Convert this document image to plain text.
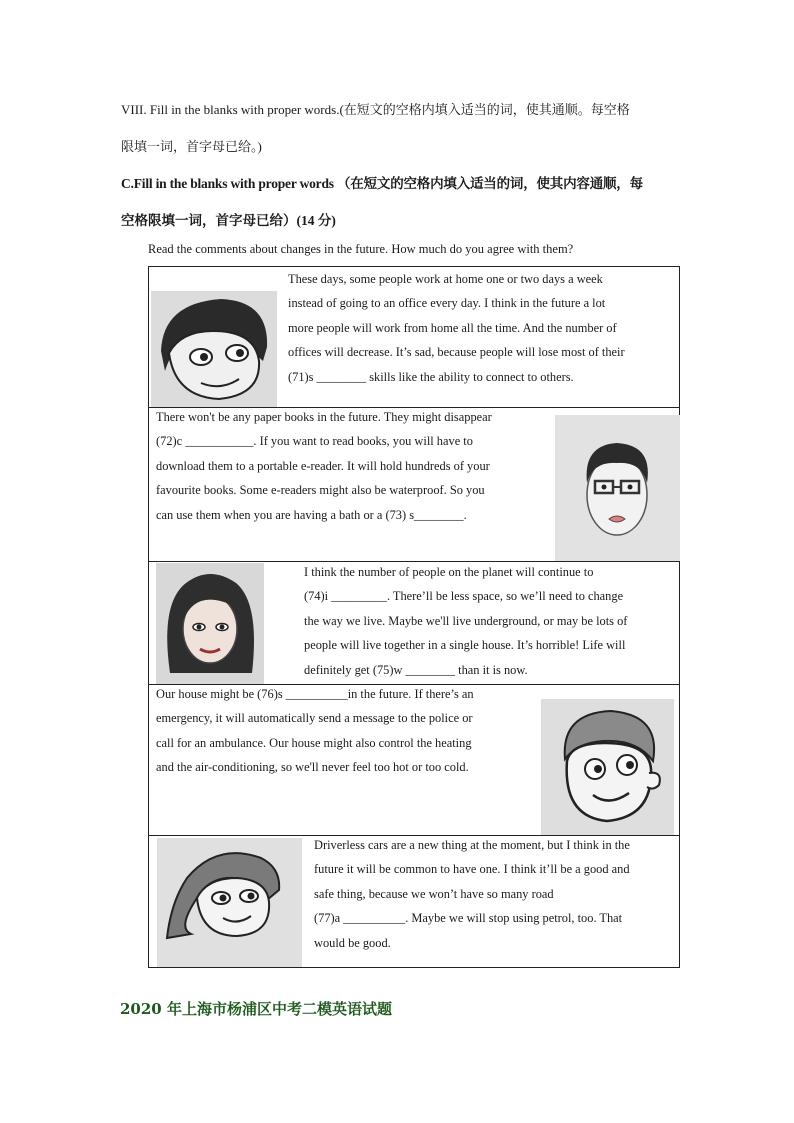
VIII. Fill in the blanks with proper words.(在短文的空格内填入适当的词，使其通顺。每空格
限填一词，首字母已给。)
C.Fill in the blanks with proper words （在短文的空格内填入适当的词，使其内容通顺，每
空格限填一词，首字母已给）(14 分)
Read the comments about changes in the future. How much do you agree with them?
These days, some people work at home one or two days a week
instead of going to an office every day. I think in the future a lot
more people will work from home all the time. And the number of
offices will decrease. It’s sad, because people will lose most of their
(71)s ________ skills like the ability to connect to others.
There won't be any paper books in the future. They might disappear
(72)c ___________. If you want to read books, you will have to
download them to a portable e-reader. It will hold hundreds of your
favourite books. Some e-readers might also be waterproof. So you
can use them when you are having a bath or a (73) s________.
I think the number of people on the planet will continue to
(74)i _________. There’ll be less space, so we’ll need to change
the way we live. Maybe we'll live underground, or may be lots of
people will live together in a single house. It’s horrible! Life will
definitely get (75)w ________ than it is now.
Our house might be (76)s __________in the future. If there’s an
emergency, it will automatically send a message to the police or
call for an ambulance. Our house might also control the heating
and the air-conditioning, so we'll never feel too hot or too cold.
Driverless cars are a new thing at the moment, but I think in the
future it will be common to have one. I think it’ll be a good and
safe thing, because we won’t have so many road
(77)a __________. Maybe we will stop using petrol, too. That
would be good.
2020 年上海市杨浦区中考二模英语试题
